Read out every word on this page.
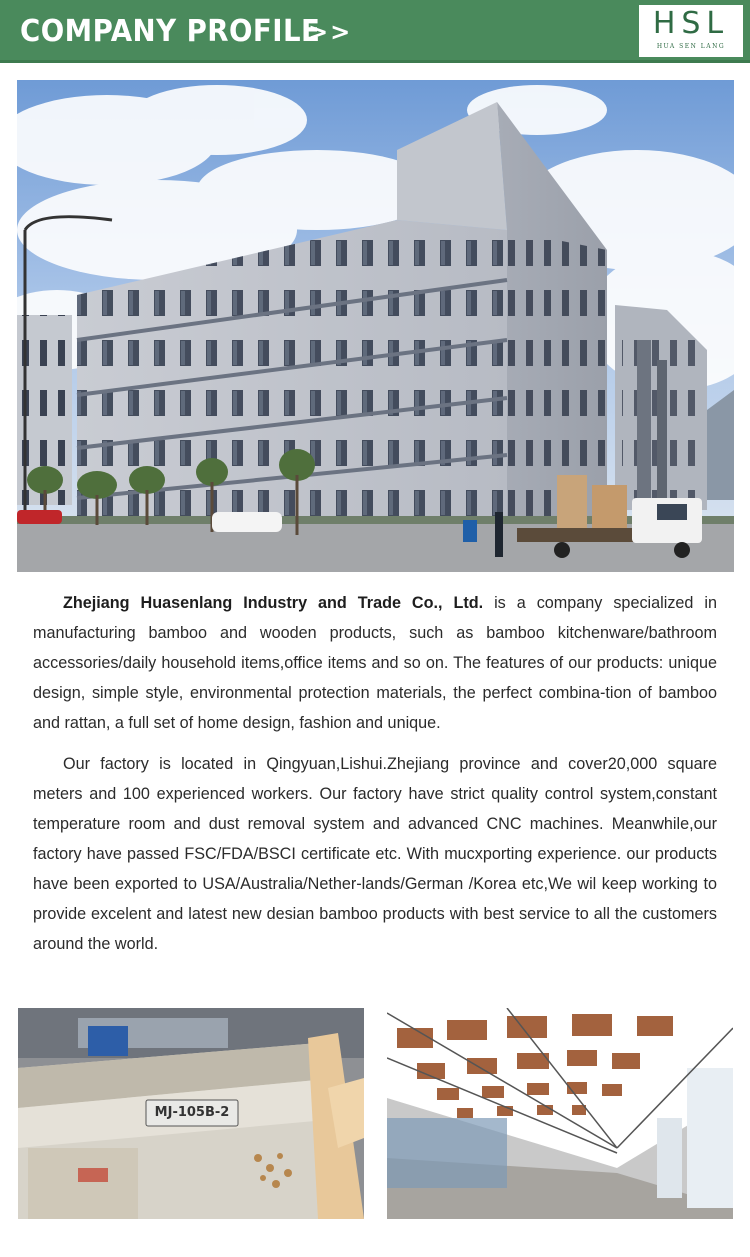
COMPANY PROFILE
>>	HSL
HUA SEN LANG

Zhejiang Huasenlang Industry and Trade Co., Ltd. is a company specialized in manufacturing bamboo and wooden products, such as bamboo kitchenware/bathroom accessories/daily household items,office items and so on. The features of our products: unique design, simple style, environmental protection materials, the perfect combina-tion of bamboo and rattan, a full set of home design, fashion and unique.

Our factory is located in Qingyuan,Lishui.Zhejiang province and cover20,000 square meters and 100 experienced workers. Our factory have strict quality control system,constant temperature room and dust removal system and advanced CNC machines. Meanwhile,our factory have passed FSC/FDA/BSCI certificate etc. With mucxporting experience. our products have been exported to USA/Australia/Nether-lands/German /Korea etc,We wil keep working to provide excelent and latest new desian bamboo products with best service to all the customers around the world.

MJ-105B-2
